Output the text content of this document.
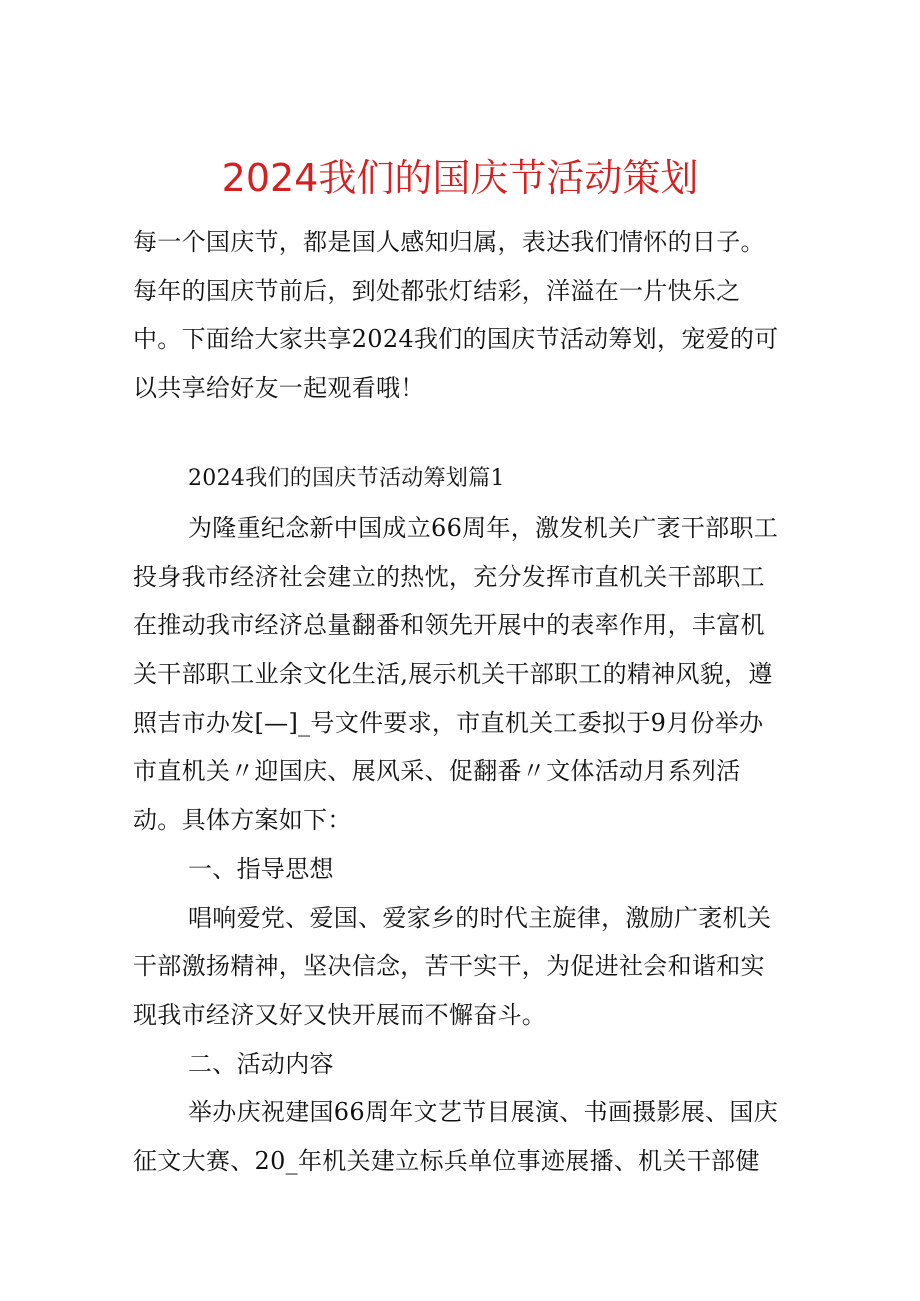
2024我们的国庆节活动策划
每一个国庆节，都是国人感知归属，表达我们情怀的日子。
每年的国庆节前后，到处都张灯结彩，洋溢在一片快乐之
中。下面给大家共享2024我们的国庆节活动筹划，宠爱的可
以共享给好友一起观看哦！
2024我们的国庆节活动筹划篇1
为隆重纪念新中国成立66周年，激发机关广袤干部职工
投身我市经济社会建立的热忱，充分发挥市直机关干部职工
在推动我市经济总量翻番和领先开展中的表率作用，丰富机
关干部职工业余文化生活,展示机关干部职工的精神风貌，遵
照吉市办发[—]_号文件要求，市直机关工委拟于9月份举办
市直机关〃迎国庆、展风采、促翻番〃文体活动月系列活
动。具体方案如下：
一、指导思想
唱响爱党、爱国、爱家乡的时代主旋律，激励广袤机关
干部激扬精神，坚决信念，苦干实干，为促进社会和谐和实
现我市经济又好又快开展而不懈奋斗。
二、活动内容
举办庆祝建国66周年文艺节目展演、书画摄影展、国庆
征文大赛、20_年机关建立标兵单位事迹展播、机关干部健
